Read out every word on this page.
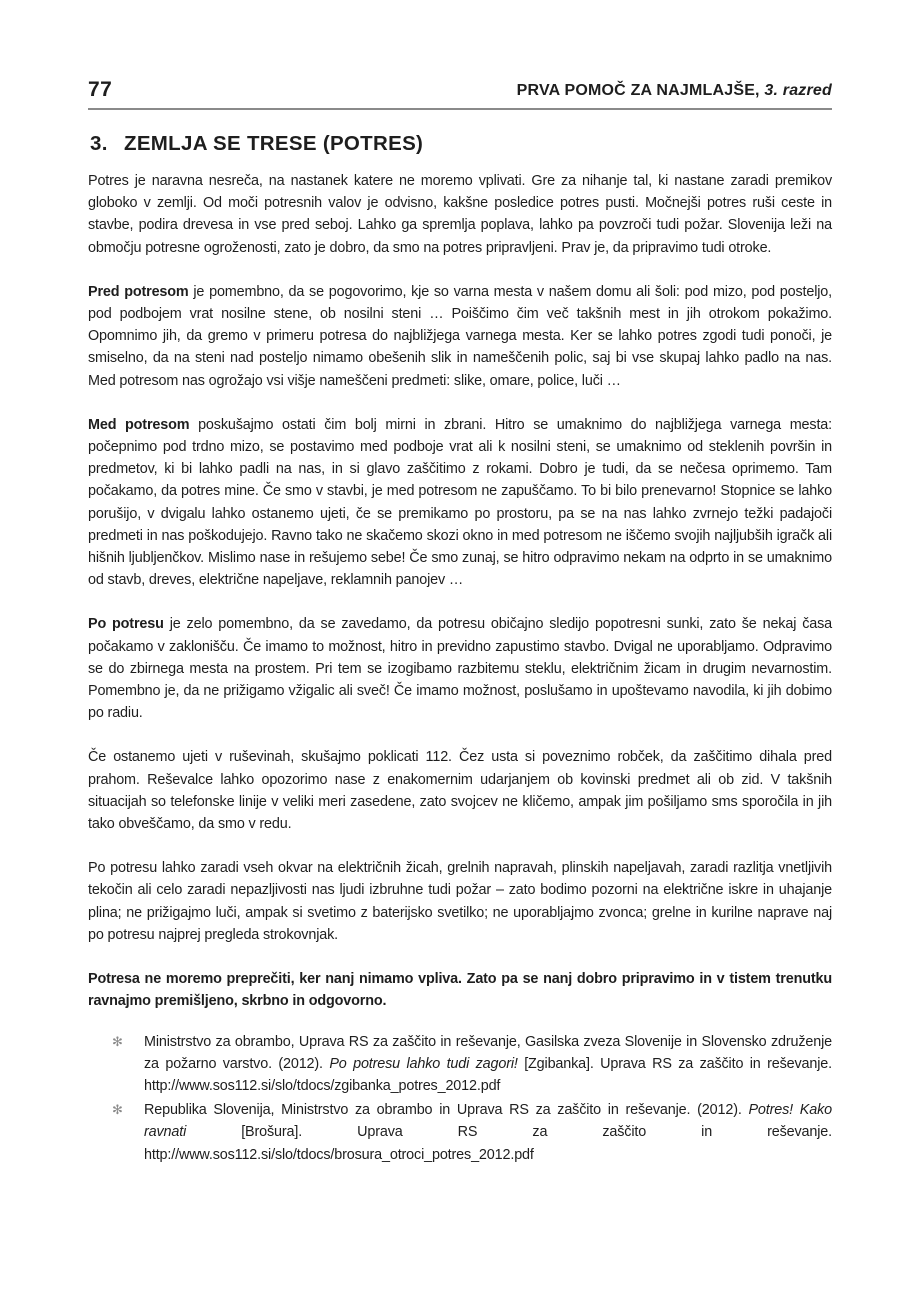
77	PRVA POMOČ ZA NAJMLAJŠE, 3. razred
3. ZEMLJA SE TRESE (POTRES)

Potres je naravna nesreča, na nastanek katere ne moremo vplivati. Gre za nihanje tal, ki nastane zaradi premikov globoko v zemlji. Od moči potresnih valov je odvisno, kakšne posledice potres pusti. Močnejši potres ruši ceste in stavbe, podira drevesa in vse pred seboj. Lahko ga spremlja poplava, lahko pa povzroči tudi požar. Slovenija leži na območju potresne ogroženosti, zato je dobro, da smo na potres pripravljeni. Prav je, da pripravimo tudi otroke.

Pred potresom je pomembno, da se pogovorimo, kje so varna mesta v našem domu ali šoli: pod mizo, pod posteljo, pod podbojem vrat nosilne stene, ob nosilni steni … Poiščimo čim več takšnih mest in jih otrokom pokažimo. Opomnimo jih, da gremo v primeru potresa do najbližjega varnega mesta. Ker se lahko potres zgodi tudi ponoči, je smiselno, da na steni nad posteljo nimamo obešenih slik in nameščenih polic, saj bi vse skupaj lahko padlo na nas. Med potresom nas ogrožajo vsi višje nameščeni predmeti: slike, omare, police, luči …

Med potresom poskušajmo ostati čim bolj mirni in zbrani. Hitro se umaknimo do najbližjega varnega mesta: počepnimo pod trdno mizo, se postavimo med podboje vrat ali k nosilni steni, se umaknimo od steklenih površin in predmetov, ki bi lahko padli na nas, in si glavo zaščitimo z rokami. Dobro je tudi, da se nečesa oprimemo. Tam počakamo, da potres mine. Če smo v stavbi, je med potresom ne zapuščamo. To bi bilo prenevarno! Stopnice se lahko porušijo, v dvigalu lahko ostanemo ujeti, če se premikamo po prostoru, pa se na nas lahko zvrnejo težki padajoči predmeti in nas poškodujejo. Ravno tako ne skačemo skozi okno in med potresom ne iščemo svojih najljubših igračk ali hišnih ljubljenčkov. Mislimo nase in rešujemo sebe! Če smo zunaj, se hitro odpravimo nekam na odprto in se umaknimo od stavb, dreves, električne napeljave, reklamnih panojev …

Po potresu je zelo pomembno, da se zavedamo, da potresu običajno sledijo popotresni sunki, zato še nekaj časa počakamo v zaklonišču. Če imamo to možnost, hitro in previdno zapustimo stavbo. Dvigal ne uporabljamo. Odpravimo se do zbirnega mesta na prostem. Pri tem se izogibamo razbitemu steklu, električnim žicam in drugim nevarnostim. Pomembno je, da ne prižigamo vžigalic ali sveč! Če imamo možnost, poslušamo in upoštevamo navodila, ki jih dobimo po radiu.

Če ostanemo ujeti v ruševinah, skušajmo poklicati 112. Čez usta si poveznimo robček, da zaščitimo dihala pred prahom. Reševalce lahko opozorimo nase z enakomernim udarjanjem ob kovinski predmet ali ob zid. V takšnih situacijah so telefonske linije v veliki meri zasedene, zato svojcev ne kličemo, ampak jim pošiljamo sms sporočila in jih tako obveščamo, da smo v redu.

Po potresu lahko zaradi vseh okvar na električnih žicah, grelnih napravah, plinskih napeljavah, zaradi razlitja vnetljivih tekočin ali celo zaradi nepazljivosti nas ljudi izbruhne tudi požar – zato bodimo pozorni na električne iskre in uhajanje plina; ne prižigajmo luči, ampak si svetimo z baterijsko svetilko; ne uporabljajmo zvonca; grelne in kurilne naprave naj po potresu najprej pregleda strokovnjak.

Potresa ne moremo preprečiti, ker nanj nimamo vpliva. Zato pa se nanj dobro pripravimo in v tistem trenutku ravnajmo premišljeno, skrbno in odgovorno.

✻ Ministrstvo za obrambo, Uprava RS za zaščito in reševanje, Gasilska zveza Slovenije in Slovensko združenje za požarno varstvo. (2012). Po potresu lahko tudi zagori! [Zgibanka]. Uprava RS za zaščito in reševanje. http://www.sos112.si/slo/tdocs/zgibanka_potres_2012.pdf
✻ Republika Slovenija, Ministrstvo za obrambo in Uprava RS za zaščito in reševanje. (2012). Potres! Kako ravnati [Brošura]. Uprava RS za zaščito in reševanje. http://www.sos112.si/slo/tdocs/brosura_otroci_potres_2012.pdf
